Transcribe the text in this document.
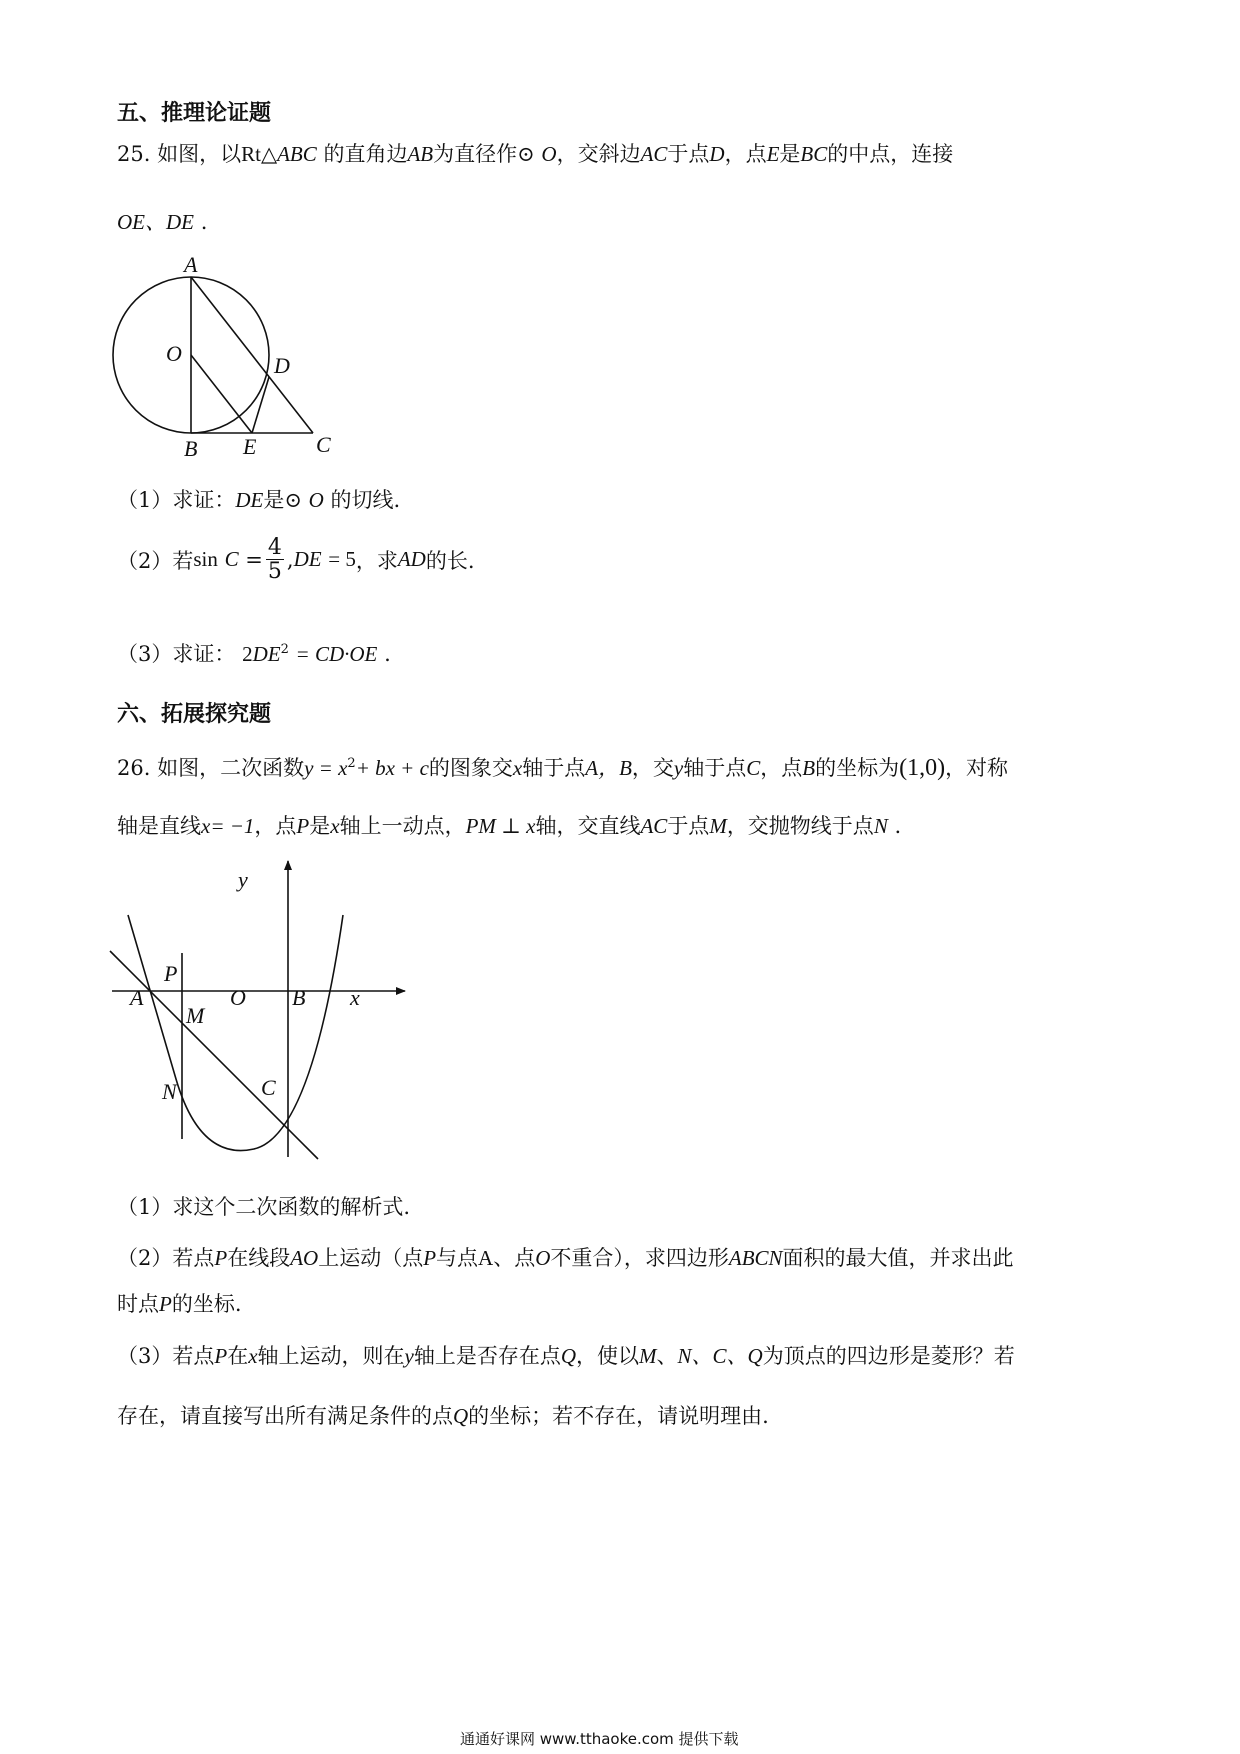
五、推理论证题
25. 如图，以Rt△ABC 的直角边AB为直径作⊙ O，交斜边AC于点D，点E是BC的中点，连接
OE、DE .
A
O	D
B E	C
（1）求证：DE是⊙ O 的切线.
（2）若 sin
C
= $\frac{4}{5}$ , DE
= 5 ，求 AD 的长.
（3）求证： $2DE^2 = CD\cdot OE$ .
六、拓展探究题
26. 如图，二次函数$y = x^2+$ bx + c的图象交x轴于点A，B，交y轴于点C，点B的坐标为(1,0)，对称
轴是直线x= −1，点P是x轴上一动点，PM ⊥ x轴，交直线AC于点M，交抛物线于点N .
y
x
P
A	O B
M
N	C
（1）求这个二次函数的解析式.
（2）若点P在线段AO上运动（点P与点A、点O不重合），求四边形ABCN面积的最大值，并求出此
时点P的坐标.
（3）若点P在x轴上运动，则在y轴上是否存在点Q，使以M、N、C、Q为顶点的四边形是菱形？若
存在，请直接写出所有满足条件的点Q的坐标；若不存在，请说明理由.
通通好课网 www.tthaoke.com 提供下载
